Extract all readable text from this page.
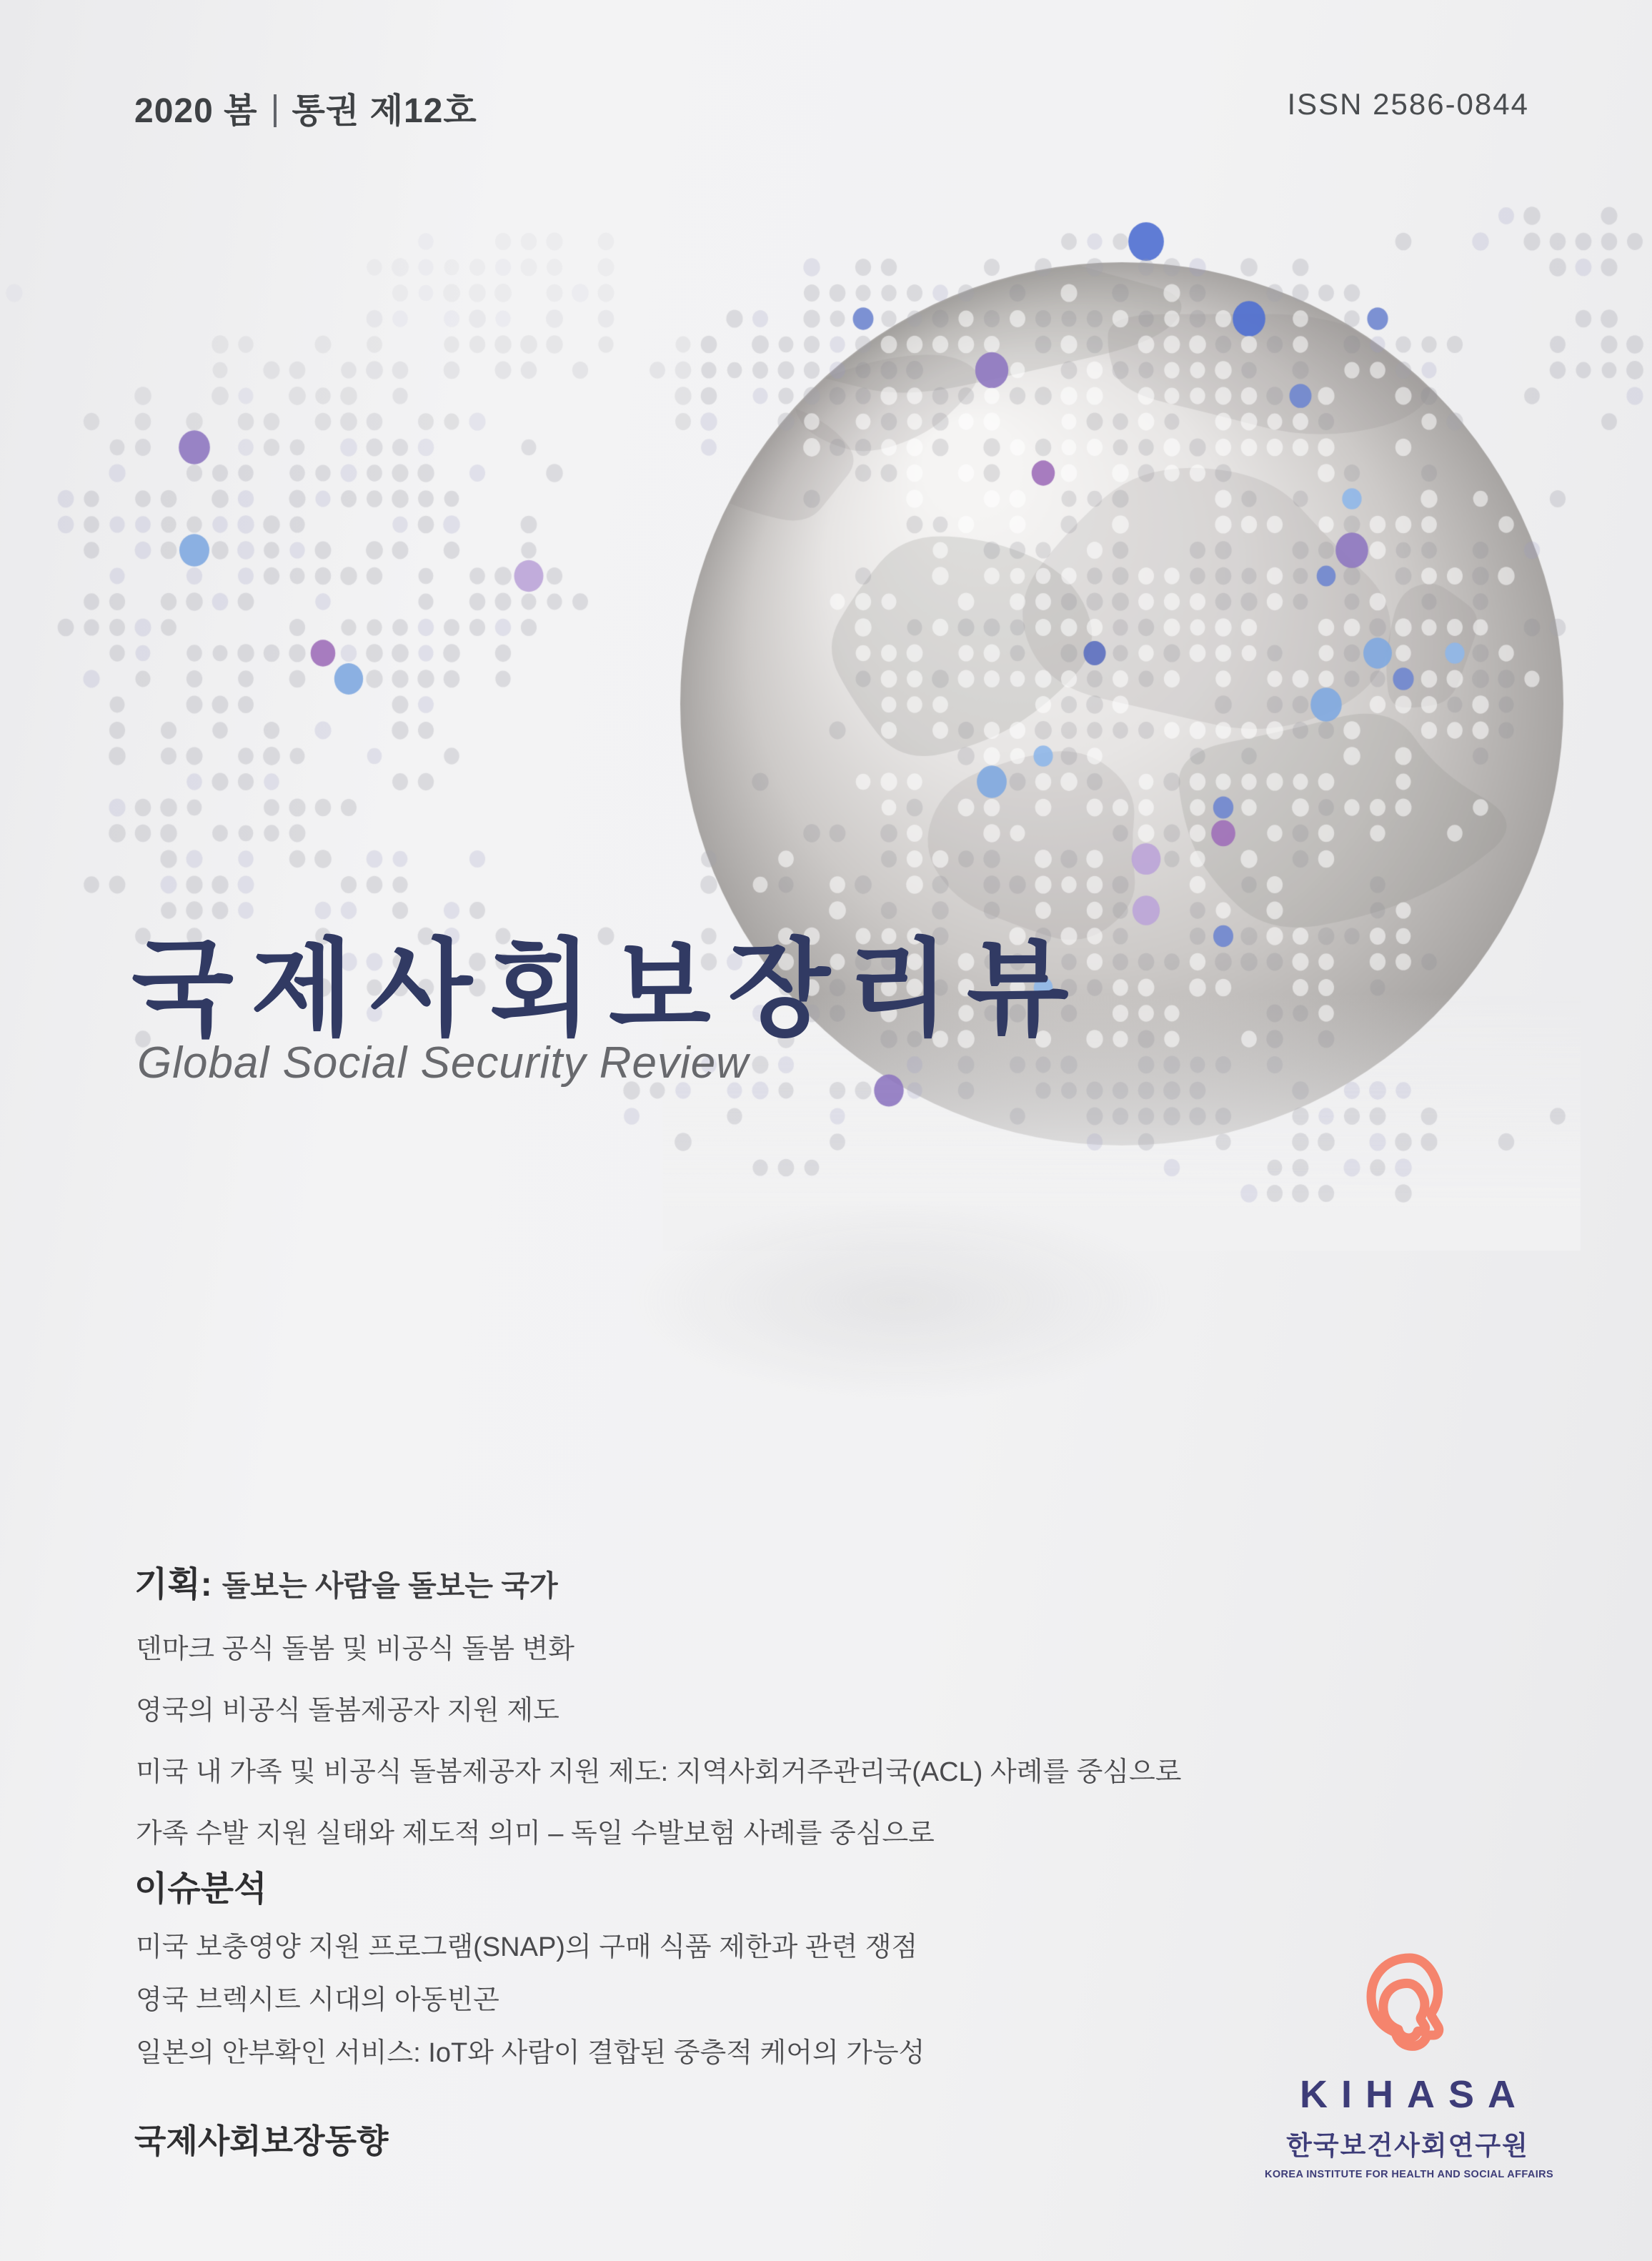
2020 봄 통권 제12호	ISSN 2586-0844
국제사회보장리뷰
Global Social Security Review
기획: 돌보는 사람을 돌보는 국가
덴마크 공식 돌봄 및 비공식 돌봄 변화
영국의 비공식 돌봄제공자 지원 제도
미국 내 가족 및 비공식 돌봄제공자 지원 제도: 지역사회거주관리국(ACL) 사례를 중심으로
가족 수발 지원 실태와 제도적 의미 – 독일 수발보험 사례를 중심으로
이슈분석
미국 보충영양 지원 프로그램(SNAP)의 구매 식품 제한과 관련 쟁점
영국 브렉시트 시대의 아동빈곤
일본의 안부확인 서비스: IoT와 사람이 결합된 중층적 케어의 가능성
국제사회보장동향
KIHASA
한국보건사회연구원
KOREA INSTITUTE FOR HEALTH AND SOCIAL AFFAIRS
